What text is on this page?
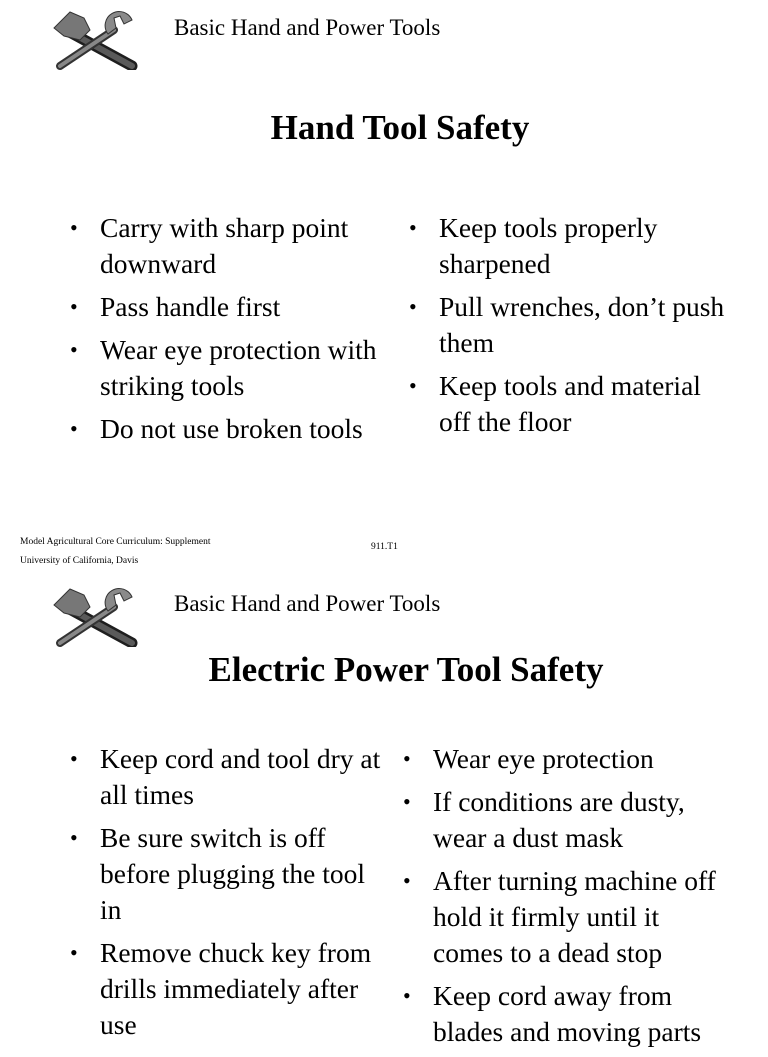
Basic Hand and Power Tools
Hand Tool Safety
• Carry with sharp point downward
• Pass handle first
• Wear eye protection with striking tools
• Do not use broken tools
• Keep tools properly sharpened
• Pull wrenches, don’t push them
• Keep tools and material off the floor
Model Agricultural Core Curriculum: Supplement
University of California, Davis
911.T1
Basic Hand and Power Tools
Electric Power Tool Safety
• Keep cord and tool dry at all times
• Be sure switch is off before plugging the tool in
• Remove chuck key from drills immediately after use
• Wear eye protection
• If conditions are dusty, wear a dust mask
• After turning machine off hold it firmly until it comes to a dead stop
• Keep cord away from blades and moving parts
